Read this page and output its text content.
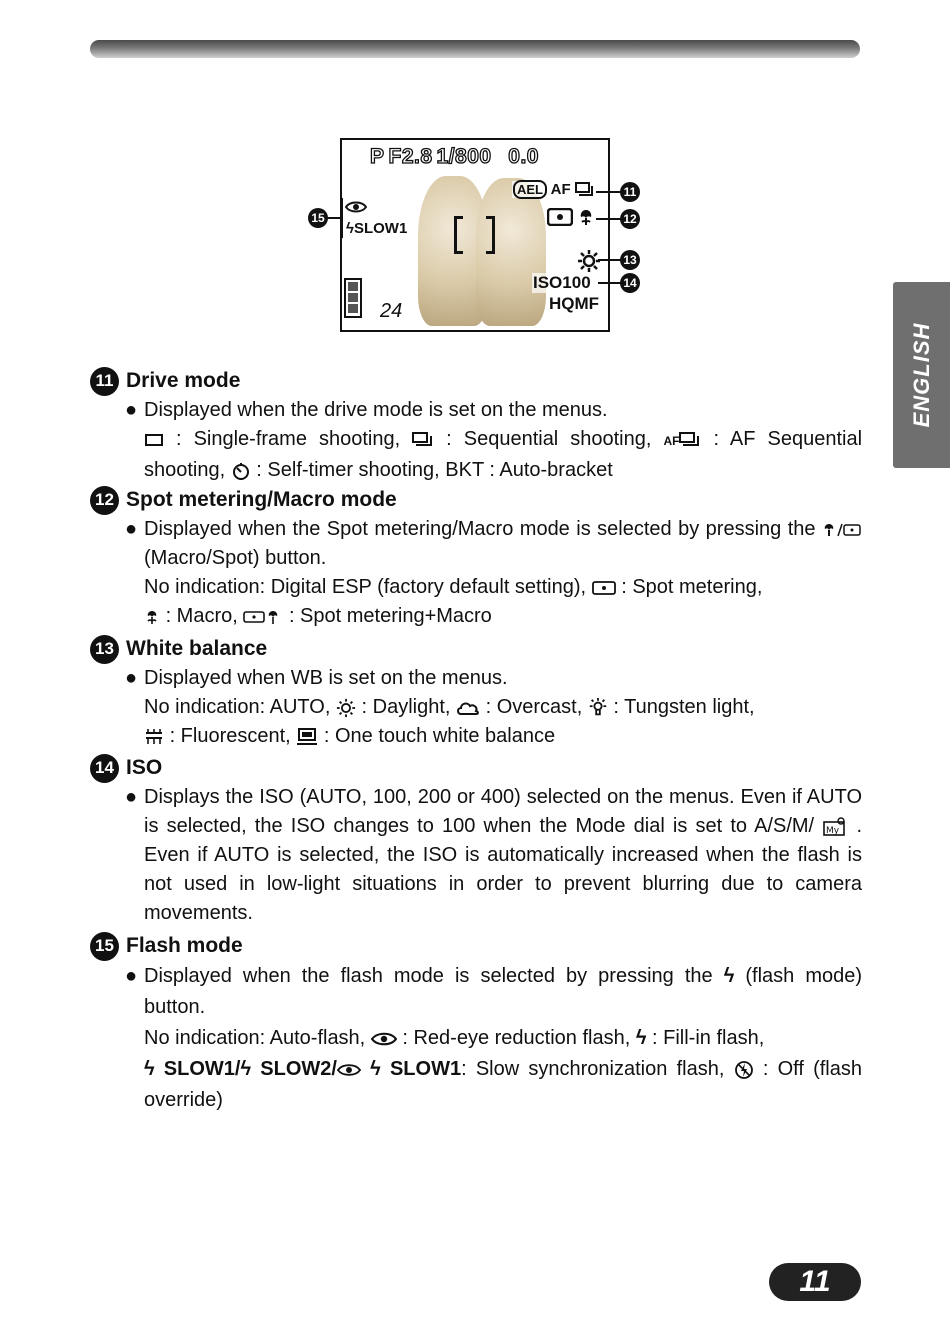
ENGLISH
P F2.8 1/800 0.0
AEL AF

ISO100
HQMF
ϟSLOW1
24
11
12
13
14
15
11 Drive mode
● Displayed when the drive mode is set on the menus.
: Single-frame shooting, : Sequential shooting, AF : AF Sequential shooting, : Self-timer shooting, BKT : Auto-bracket
12 Spot metering/Macro mode
● Displayed when the Spot metering/Macro mode is selected by pressing the  (Macro/Spot) button.
No indication: Digital ESP (factory default setting), : Spot metering,
: Macro,	: Spot metering+Macro
13 White balance
● Displayed when WB is set on the menus.
No indication: AUTO, : Daylight, : Overcast, : Tungsten light,
: Fluorescent, : One touch white balance
14 ISO
● Displays the ISO (AUTO, 100, 200 or 400) selected on the menus. Even if AUTO is selected, the ISO changes to 100 when the Mode dial is set to A/S/M/ My . Even if AUTO is selected, the ISO is automatically increased when the flash is not used in low-light situations in order to prevent blurring due to camera movements.
15 Flash mode
● Displayed when the flash mode is selected by pressing the ϟ (flash mode) button.
No indication: Auto-flash, : Red-eye reduction flash, ϟ : Fill-in flash,
ϟ SLOW1/ϟ SLOW2/ ϟ SLOW1: Slow synchronization flash, : Off (flash override)
11
